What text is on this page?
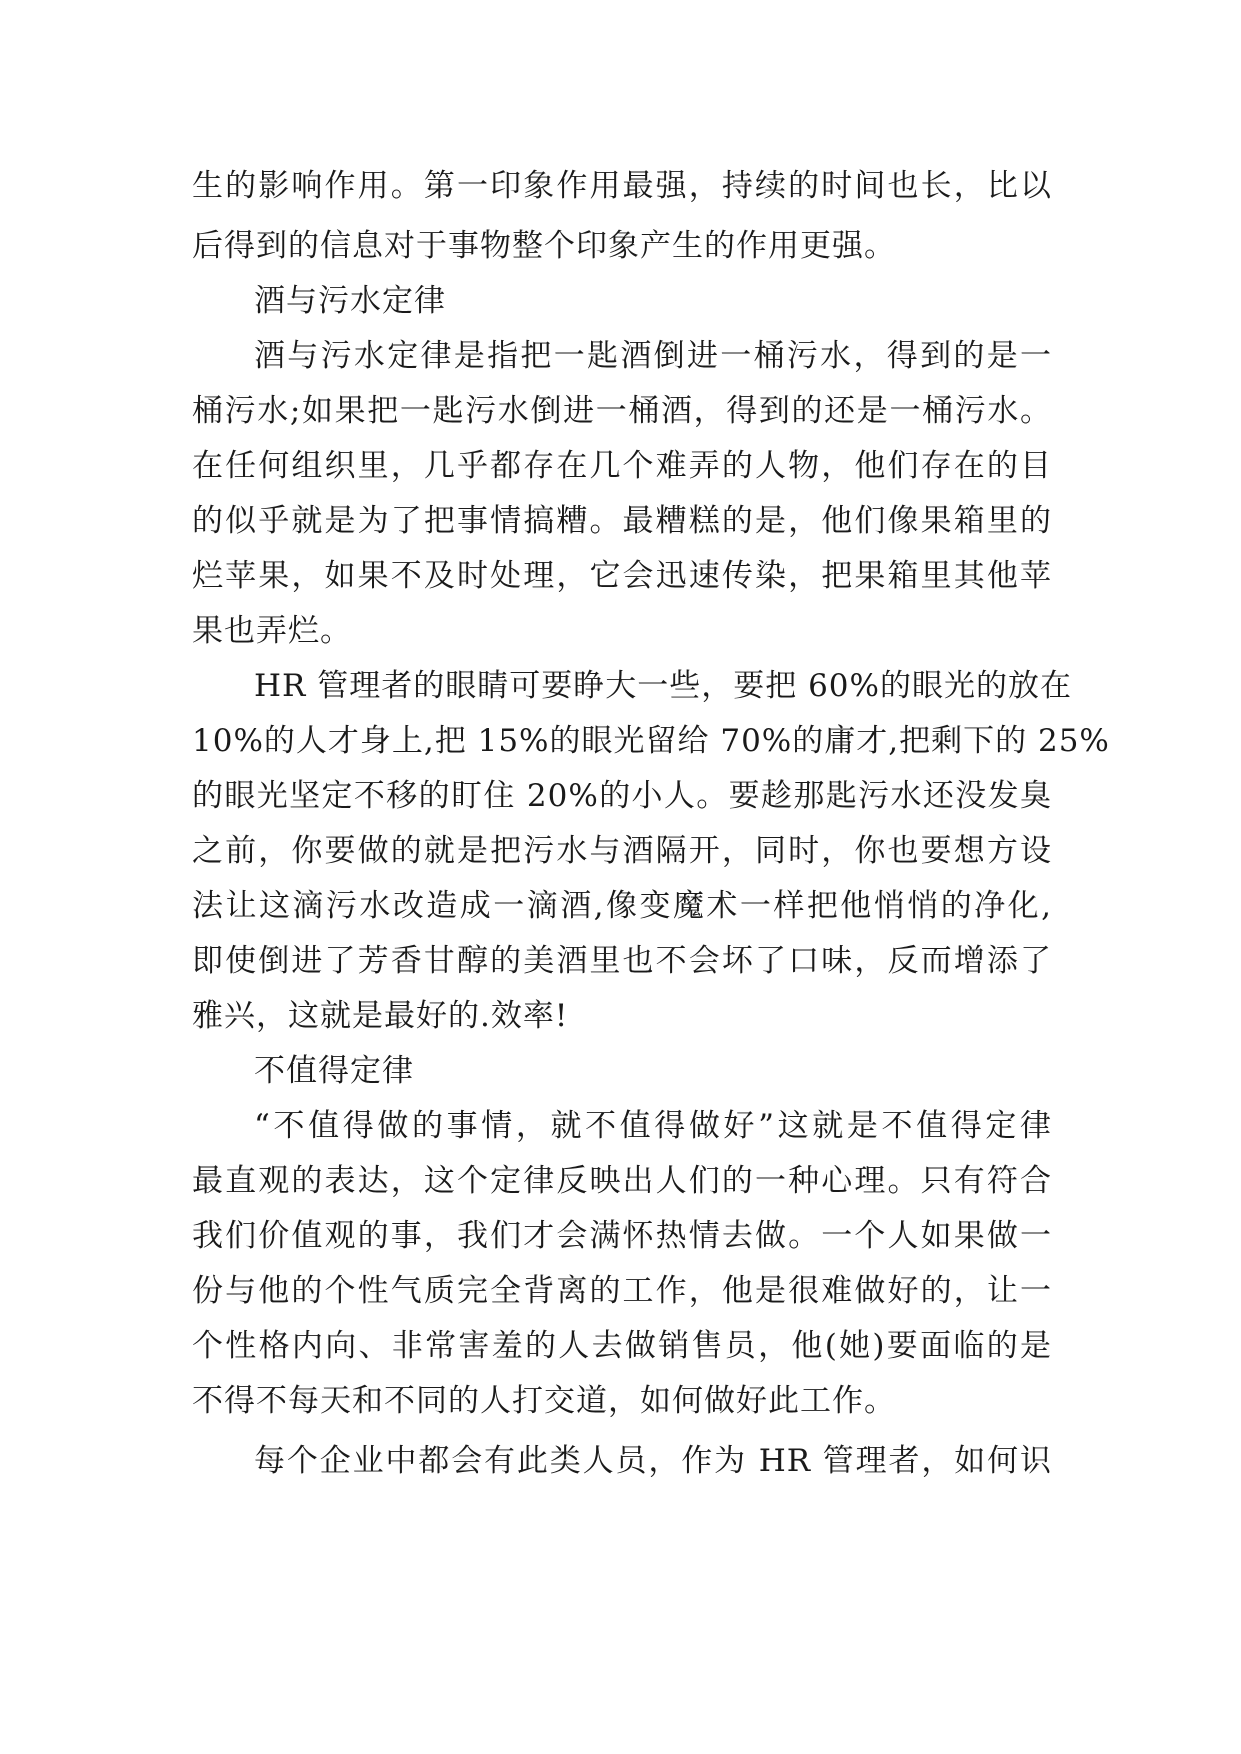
生的影响作用。第一印象作用最强，持续的时间也长，比以
后得到的信息对于事物整个印象产生的作用更强。
酒与污水定律
酒与污水定律是指把一匙酒倒进一桶污水，得到的是一
桶污水;如果把一匙污水倒进一桶酒，得到的还是一桶污水。
在任何组织里，几乎都存在几个难弄的人物，他们存在的目
的似乎就是为了把事情搞糟。最糟糕的是，他们像果箱里的
烂苹果，如果不及时处理，它会迅速传染，把果箱里其他苹
果也弄烂。
HR 管理者的眼睛可要睁大一些，要把 60%的眼光的放在
10%的人才身上,把 15%的眼光留给 70%的庸才,把剩下的 25%
的眼光坚定不移的盯住 20%的小人。要趁那匙污水还没发臭
之前，你要做的就是把污水与酒隔开，同时，你也要想方设
法让这滴污水改造成一滴酒,像变魔术一样把他悄悄的净化,
即使倒进了芳香甘醇的美酒里也不会坏了口味，反而增添了
雅兴，这就是最好的.效率!
不值得定律
“不值得做的事情，就不值得做好”这就是不值得定律
最直观的表达，这个定律反映出人们的一种心理。只有符合
我们价值观的事，我们才会满怀热情去做。一个人如果做一
份与他的个性气质完全背离的工作，他是很难做好的，让一
个性格内向、非常害羞的人去做销售员，他(她)要面临的是
不得不每天和不同的人打交道，如何做好此工作。
每个企业中都会有此类人员，作为 HR 管理者，如何识
